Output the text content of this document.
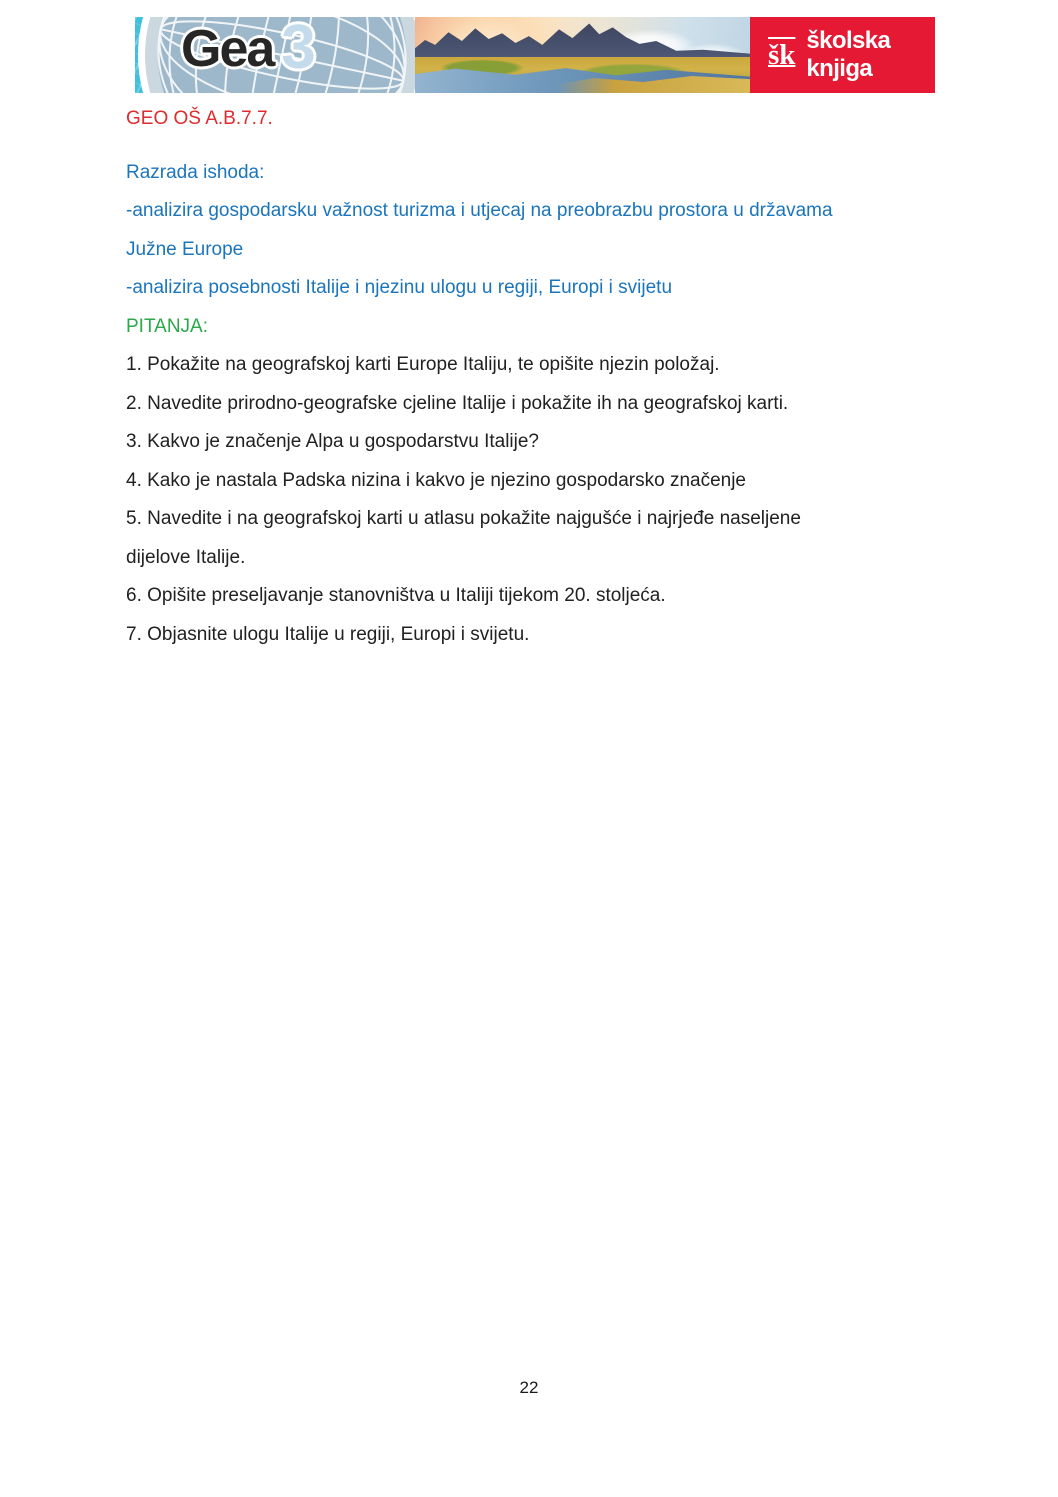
Gea 3	šk školska knjiga

GEO OŠ A.B.7.7.

Razrada ishoda:

-analizira gospodarsku važnost turizma i utjecaj na preobrazbu prostora u državama

Južne Europe

-analizira posebnosti Italije i njezinu ulogu u regiji, Europi i svijetu

PITANJA:

1. Pokažite na geografskoj karti Europe Italiju, te opišite njezin položaj.

2. Navedite prirodno-geografske cjeline Italije i pokažite ih na geografskoj karti.

3. Kakvo je značenje Alpa u gospodarstvu Italije?

4. Kako je nastala Padska nizina i kakvo je njezino gospodarsko značenje

5. Navedite i na geografskoj karti u atlasu pokažite najgušće i najrjeđe naseljene

dijelove Italije.

6. Opišite preseljavanje stanovništva u Italiji tijekom 20. stoljeća.

7. Objasnite ulogu Italije u regiji, Europi i svijetu.

22
